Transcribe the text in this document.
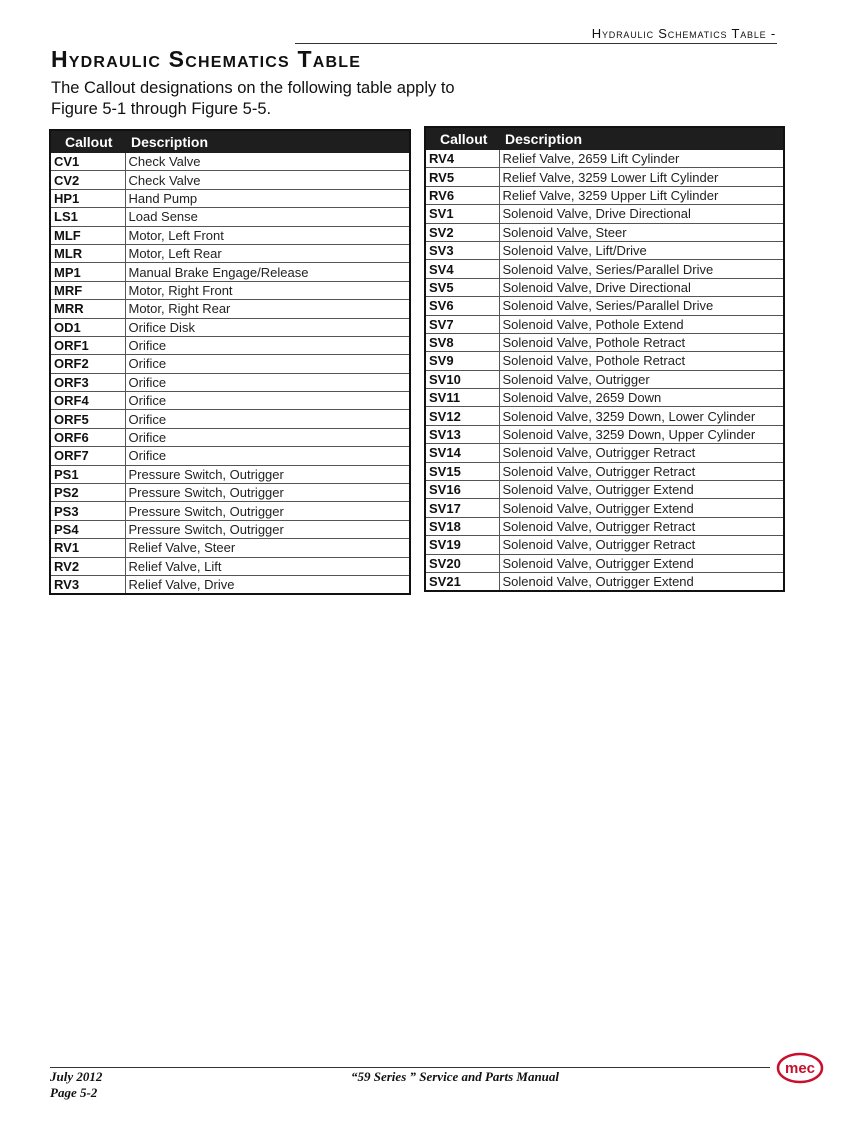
Hydraulic Schematics Table -
Hydraulic Schematics Table

The Callout designations on the following table apply to Figure 5-1 through Figure 5-5.

Callout	Description
CV1	Check Valve
CV2	Check Valve
HP1	Hand Pump
LS1	Load Sense
MLF	Motor, Left Front
MLR	Motor, Left Rear
MP1	Manual Brake Engage/Release
MRF	Motor, Right Front
MRR	Motor, Right Rear
OD1	Orifice Disk
ORF1	Orifice
ORF2	Orifice
ORF3	Orifice
ORF4	Orifice
ORF5	Orifice
ORF6	Orifice
ORF7	Orifice
PS1	Pressure Switch, Outrigger
PS2	Pressure Switch, Outrigger
PS3	Pressure Switch, Outrigger
PS4	Pressure Switch, Outrigger
RV1	Relief Valve, Steer
RV2	Relief Valve, Lift
RV3	Relief Valve, Drive
Callout	Description
RV4	Relief Valve, 2659 Lift Cylinder
RV5	Relief Valve, 3259 Lower Lift Cylinder
RV6	Relief Valve, 3259 Upper Lift Cylinder
SV1	Solenoid Valve, Drive Directional
SV2	Solenoid Valve, Steer
SV3	Solenoid Valve, Lift/Drive
SV4	Solenoid Valve, Series/Parallel Drive
SV5	Solenoid Valve, Drive Directional
SV6	Solenoid Valve, Series/Parallel Drive
SV7	Solenoid Valve, Pothole Extend
SV8	Solenoid Valve, Pothole Retract
SV9	Solenoid Valve, Pothole Retract
SV10	Solenoid Valve, Outrigger
SV11	Solenoid Valve, 2659 Down
SV12	Solenoid Valve, 3259 Down, Lower Cylinder
SV13	Solenoid Valve, 3259 Down, Upper Cylinder
SV14	Solenoid Valve, Outrigger Retract
SV15	Solenoid Valve, Outrigger Retract
SV16	Solenoid Valve, Outrigger Extend
SV17	Solenoid Valve, Outrigger Extend
SV18	Solenoid Valve, Outrigger Retract
SV19	Solenoid Valve, Outrigger Retract
SV20	Solenoid Valve, Outrigger Extend
SV21	Solenoid Valve, Outrigger Extend
July 2012
Page 5-2
“59 Series ” Service and Parts Manual	mec
